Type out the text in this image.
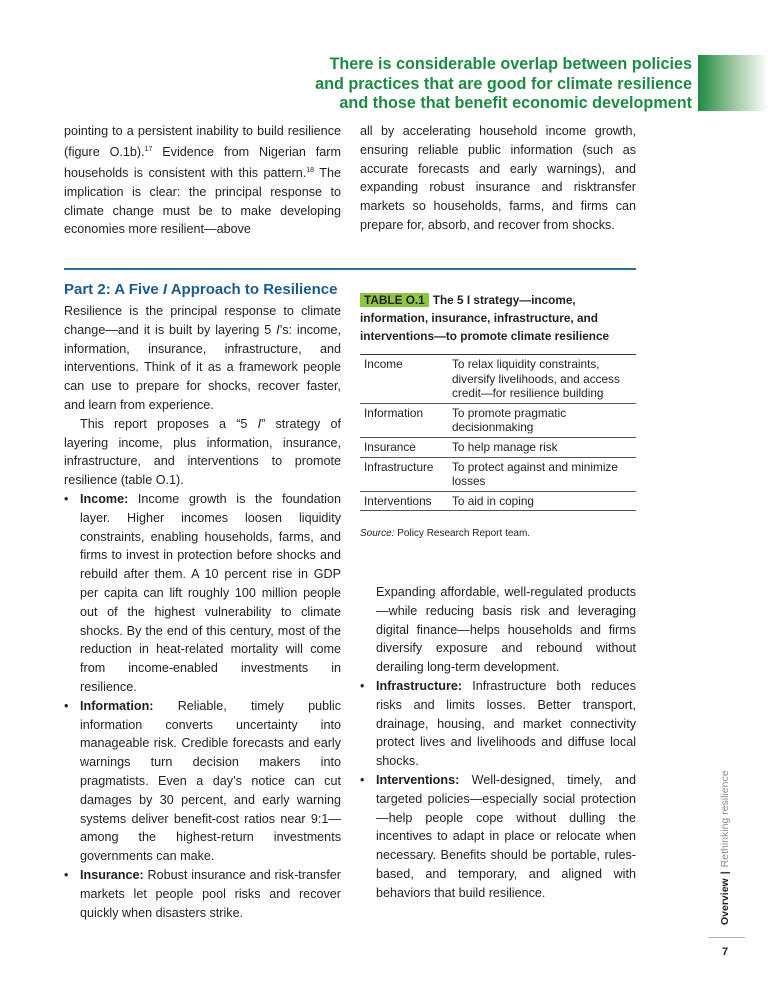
There is considerable overlap between policies
and practices that are good for climate resilience
and those that benefit economic development
pointing to a persistent inability to build resilience (figure O.1b).$^{17}$ Evidence from Nigerian farm households is consistent with this pattern.$^{18}$ The implication is clear: the principal response to climate change must be to make developing economies more resilient—above
all by accelerating household income growth, ensuring reliable public information (such as accurate forecasts and early warnings), and expanding robust insurance and risktransfer markets so households, farms, and firms can prepare for, absorb, and recover from shocks.
Part 2: A Five I Approach to Resilience

Resilience is the principal response to climate change—and it is built by layering 5 I’s: income, information, insurance, infrastructure, and interventions. Think of it as a framework people can use to prepare for shocks, recover faster, and learn from experience.

This report proposes a “5 I” strategy of layering income, plus information, insurance, infrastructure, and interventions to promote resilience (table O.1).

• Income: Income growth is the foundation layer. Higher incomes loosen liquidity constraints, enabling households, farms, and firms to invest in protection before shocks and rebuild after them. A 10 percent rise in GDP per capita can lift roughly 100 million people out of the highest vulnerability to climate shocks. By the end of this century, most of the reduction in heat-related mortality will come from income-enabled investments in resilience.
• Information: Reliable, timely public information converts uncertainty into manageable risk. Credible forecasts and early warnings turn decision makers into pragmatists. Even a day’s notice can cut damages by 30 percent, and early warning systems deliver benefit-cost ratios near 9:1—among the highest-return investments governments can make.
• Insurance: Robust insurance and risk-transfer markets let people pool risks and recover quickly when disasters strike.
TABLE O.1 The 5 I strategy—income, information, insurance, infrastructure, and interventions—to promote climate resilience
Income	To relax liquidity constraints, diversify livelihoods, and access credit—for resilience building
Information	To promote pragmatic decisionmaking
Insurance	To help manage risk
Infrastructure	To protect against and minimize losses
Interventions	To aid in coping
Source: Policy Research Report team.
Expanding affordable, well-regulated products—while reducing basis risk and leveraging digital finance—helps households and firms diversify exposure and rebound without derailing long-term development.
• Infrastructure: Infrastructure both reduces risks and limits losses. Better transport, drainage, housing, and market connectivity protect lives and livelihoods and diffuse local shocks.
• Interventions: Well-designed, timely, and targeted policies—especially social protection—help people cope without dulling the incentives to adapt in place or relocate when necessary. Benefits should be portable, rules-based, and temporary, and aligned with behaviors that build resilience.	Overview|Rethinking resilience
7
